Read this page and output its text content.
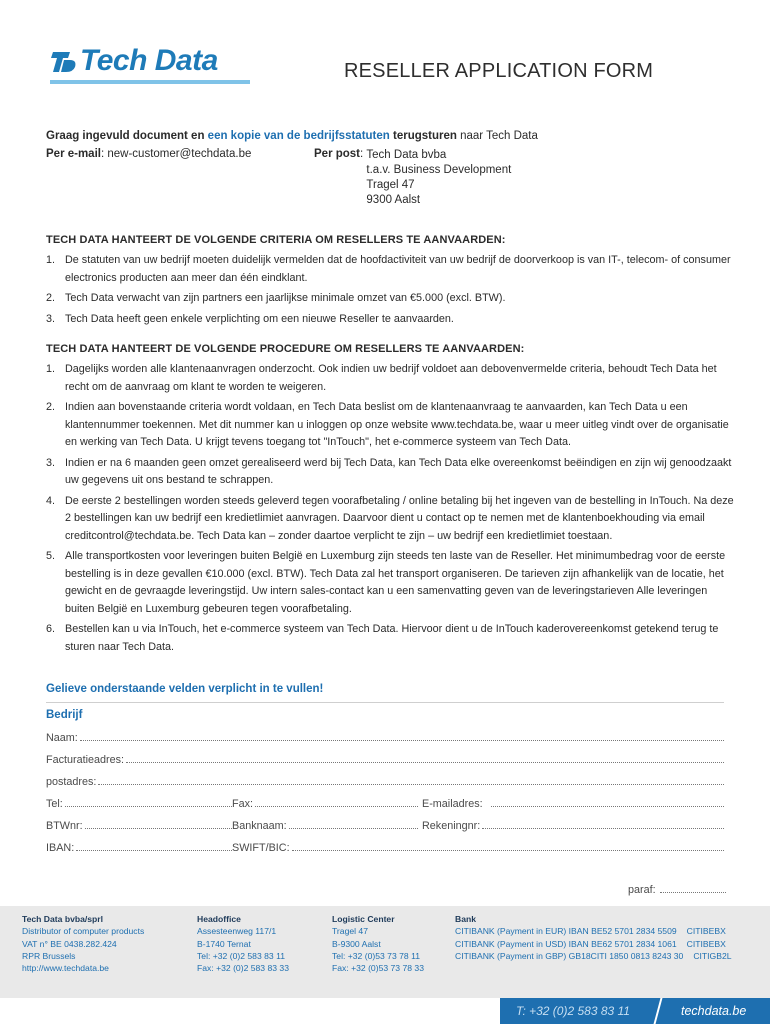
Tech Data	RESELLER APPLICATION FORM
Graag ingevuld document en een kopie van de bedrijfsstatuten terugsturen naar Tech Data
Per e-mail: new-customer@techdata.be	Per post : Tech Data bvba
t.a.v. Business Development
Tragel 47
9300 Aalst
TECH DATA HANTEERT DE VOLGENDE CRITERIA OM RESELLERS TE AANVAARDEN:
1. De statuten van uw bedrijf moeten duidelijk vermelden dat de hoofdactiviteit van uw bedrijf de doorverkoop is van IT-, telecom- of consumer electronics producten aan meer dan één eindklant.
2. Tech Data verwacht van zijn partners een jaarlijkse minimale omzet van €5.000 (excl. BTW).
3. Tech Data heeft geen enkele verplichting om een nieuwe Reseller te aanvaarden.
TECH DATA HANTEERT DE VOLGENDE PROCEDURE OM RESELLERS TE AANVAARDEN:
1. Dagelijks worden alle klantenaanvragen onderzocht. Ook indien uw bedrijf voldoet aan debovenvermelde criteria, behoudt Tech Data het recht om de aanvraag om klant te worden te weigeren.
2. Indien aan bovenstaande criteria wordt voldaan, en Tech Data beslist om de klantenaanvraag te aanvaarden, kan Tech Data u een klantennummer toekennen. Met dit nummer kan u inloggen op onze website www.techdata.be, waar u meer uitleg vindt over de organisatie en werking van Tech Data. U krijgt tevens toegang tot "InTouch", het e-commerce systeem van Tech Data.
3. Indien er na 6 maanden geen omzet gerealiseerd werd bij Tech Data, kan Tech Data elke overeenkomst beëindigen en zijn wij genoodzaakt uw gegevens uit ons bestand te schrappen.
4. De eerste 2 bestellingen worden steeds geleverd tegen voorafbetaling / online betaling bij het ingeven van de bestelling in InTouch. Na deze 2 bestellingen kan uw bedrijf een kredietlimiet aanvragen. Daarvoor dient u contact op te nemen met de klantenboekhouding via email creditcontrol@techdata.be. Tech Data kan – zonder daartoe verplicht te zijn – uw bedrijf een kredietlimiet toestaan.
5. Alle transportkosten voor leveringen buiten België en Luxemburg zijn steeds ten laste van de Reseller. Het minimumbedrag voor de eerste bestelling is in deze gevallen €10.000 (excl. BTW). Tech Data zal het transport organiseren. De tarieven zijn afhankelijk van de locatie, het gewicht en de gevraagde leveringstijd. Uw intern sales-contact kan u een samenvatting geven van de leveringstarieven Alle leveringen buiten België en Luxemburg gebeuren tegen voorafbetaling.
6. Bestellen kan u via InTouch, het e-commerce systeem van Tech Data. Hiervoor dient u de InTouch kaderovereenkomst getekend terug te sturen naar Tech Data.
Gelieve onderstaande velden verplicht in te vullen!
Bedrijf
Naam:
Facturatieadres:
postadres:
Tel:	Fax:	E-mailadres:
BTWnr:	Banknaam:	Rekeningnr:
IBAN:	SWIFT/BIC:
paraf:
Tech Data bvba/sprl
Distributor of computer products
VAT n° BE 0438.282.424
RPR Brussels
http://www.techdata.be
Headoffice
Assesteenweg 117/1
B-1740 Ternat
Tel: +32 (0)2 583 83 11
Fax: +32 (0)2 583 83 33
Logistic Center
Tragel 47
B-9300 Aalst
Tel: +32 (0)53 73 78 11
Fax: +32 (0)53 73 78 33
Bank
CITIBANK (Payment in EUR) IBAN BE52 5701 2834 5509 CITIBEBX
CITIBANK (Payment in USD) IBAN BE62 5701 2834 1061 CITIBEBX
CITIBANK (Payment in GBP) GB18CITI 1850 0813 8243 30 CITIGB2L
T: +32 (0)2 583 83 11	techdata.be
